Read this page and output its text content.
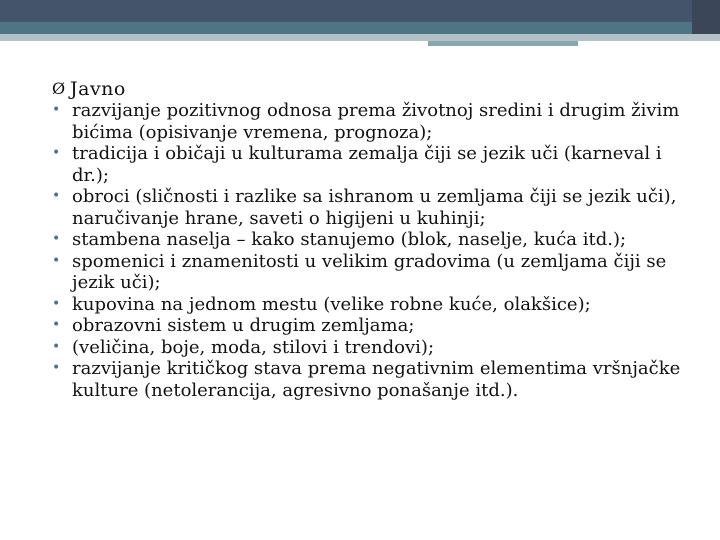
Ø Javno
• razvijanje pozitivnog odnosa prema životnoj sredini i drugim živim bićima (opisivanje vremena, prognoza);
• tradicija i običaji u kulturama zemalja čiji se jezik uči (karneval i dr.);
• obroci (sličnosti i razlike sa ishranom u zemljama čiji se jezik uči), naručivanje hrane, saveti o higijeni u kuhinji;
• stambena naselja – kako stanujemo (blok, naselje, kuća itd.);
• spomenici i znamenitosti u velikim gradovima (u zemljama čiji se jezik uči);
• kupovina na jednom mestu (velike robne kuće, olakšice);
• obrazovni sistem u drugim zemljama;
• (veličina, boje, moda, stilovi i trendovi);
• razvijanje kritičkog stava prema negativnim elementima vršnjačke kulture (netolerancija, agresivno ponašanje itd.).
